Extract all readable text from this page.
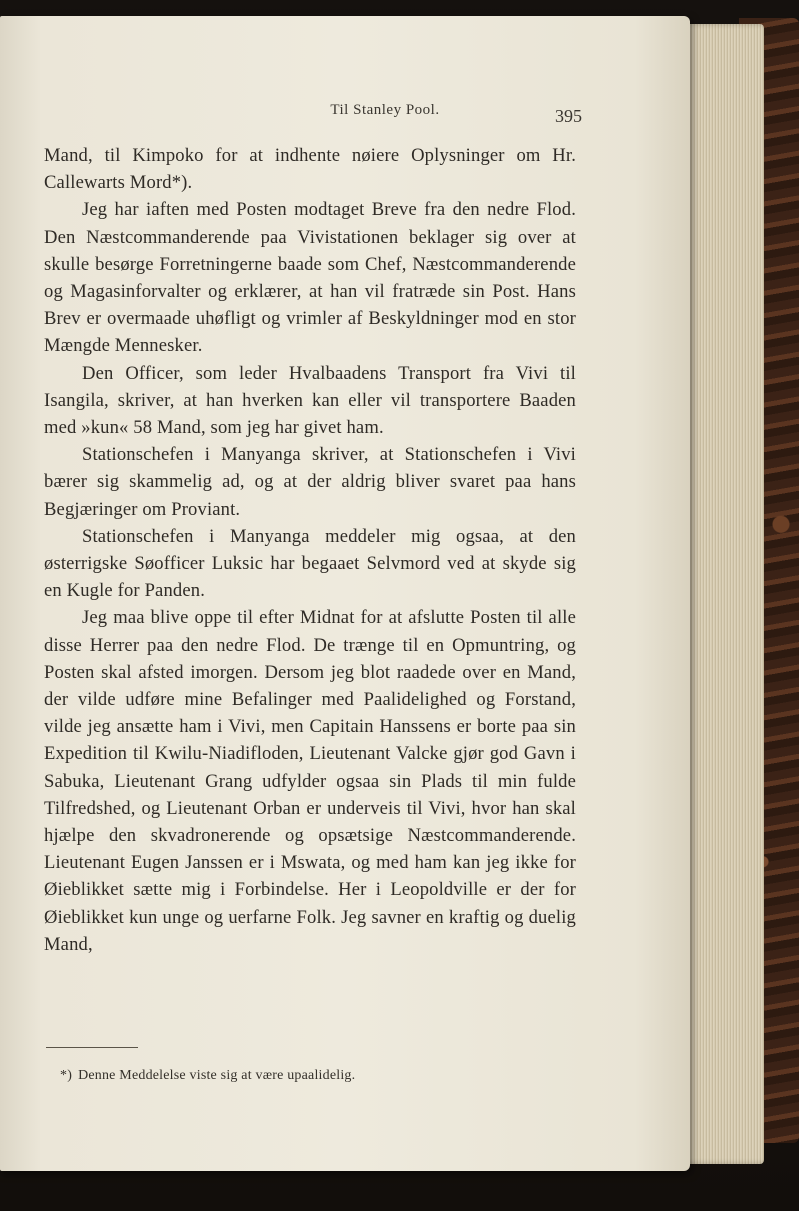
Til Stanley Pool.	395

Mand, til Kimpoko for at indhente nøiere Oplysninger om Hr. Callewarts Mord*).

Jeg har iaften med Posten modtaget Breve fra den nedre Flod. Den Næstcommanderende paa Vivistationen beklager sig over at skulle besørge Forretningerne baade som Chef, Næstcommanderende og Magasinforvalter og erklærer, at han vil fratræde sin Post. Hans Brev er overmaade uhøfligt og vrimler af Beskyldninger mod en stor Mængde Mennesker.

Den Officer, som leder Hvalbaadens Transport fra Vivi til Isangila, skriver, at han hverken kan eller vil transportere Baaden med »kun« 58 Mand, som jeg har givet ham.

Stationschefen i Manyanga skriver, at Stationschefen i Vivi bærer sig skammelig ad, og at der aldrig bliver svaret paa hans Begjæringer om Proviant.

Stationschefen i Manyanga meddeler mig ogsaa, at den østerrigske Søofficer Luksic har begaaet Selvmord ved at skyde sig en Kugle for Panden.

Jeg maa blive oppe til efter Midnat for at afslutte Posten til alle disse Herrer paa den nedre Flod. De trænge til en Opmuntring, og Posten skal afsted imorgen. Dersom jeg blot raadede over en Mand, der vilde udføre mine Befalinger med Paalidelighed og Forstand, vilde jeg ansætte ham i Vivi, men Capitain Hanssens er borte paa sin Expedition til Kwilu-Niadifloden, Lieutenant Valcke gjør god Gavn i Sabuka, Lieutenant Grang udfylder ogsaa sin Plads til min fulde Tilfredshed, og Lieutenant Orban er underveis til Vivi, hvor han skal hjælpe den skvadronerende og opsætsige Næstcommanderende. Lieutenant Eugen Janssen er i Mswata, og med ham kan jeg ikke for Øieblikket sætte mig i Forbindelse. Her i Leopoldville er der for Øieblikket kun unge og uerfarne Folk. Jeg savner en kraftig og duelig Mand,

*) Denne Meddelelse viste sig at være upaalidelig.
